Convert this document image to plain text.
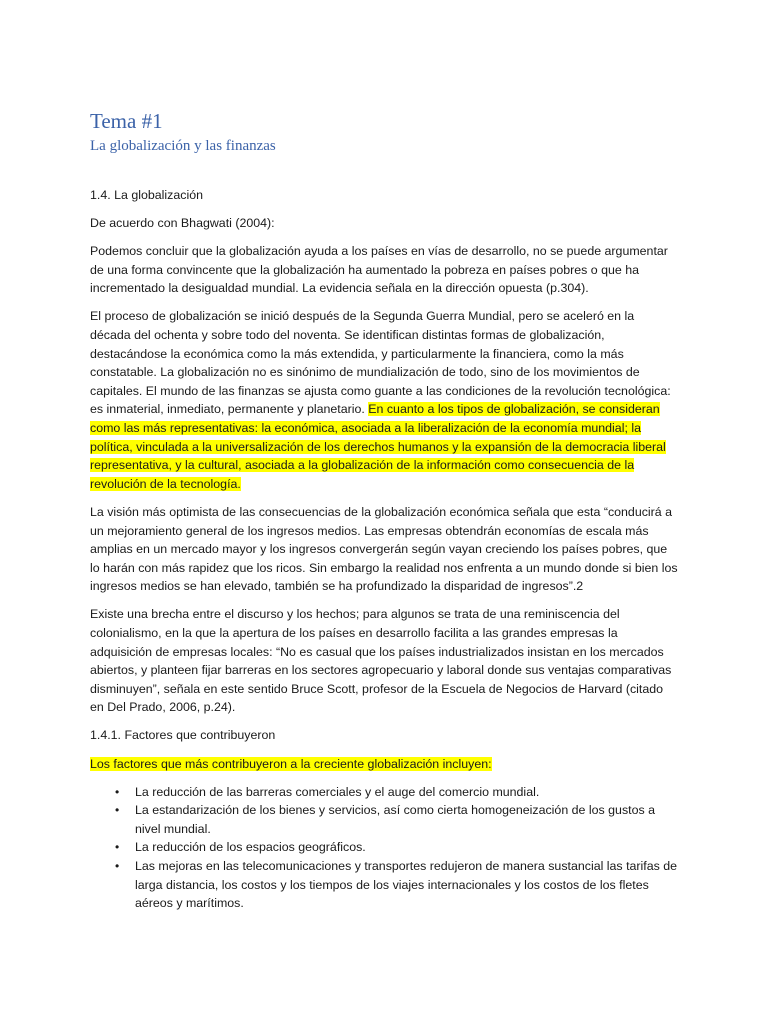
Tema #1
La globalización y las finanzas

1.4. La globalización

De acuerdo con Bhagwati (2004):

Podemos concluir que la globalización ayuda a los países en vías de desarrollo, no se puede argumentar de una forma convincente que la globalización ha aumentado la pobreza en países pobres o que ha incrementado la desigualdad mundial. La evidencia señala en la dirección opuesta (p.304).

El proceso de globalización se inició después de la Segunda Guerra Mundial, pero se aceleró en la década del ochenta y sobre todo del noventa. Se identifican distintas formas de globalización, destacándose la económica como la más extendida, y particularmente la financiera, como la más constatable. La globalización no es sinónimo de mundialización de todo, sino de los movimientos de capitales. El mundo de las finanzas se ajusta como guante a las condiciones de la revolución tecnológica: es inmaterial, inmediato, permanente y planetario. En cuanto a los tipos de globalización, se consideran como las más representativas: la económica, asociada a la liberalización de la economía mundial; la política, vinculada a la universalización de los derechos humanos y la expansión de la democracia liberal representativa, y la cultural, asociada a la globalización de la información como consecuencia de la revolución de la tecnología.

La visión más optimista de las consecuencias de la globalización económica señala que esta “conducirá a un mejoramiento general de los ingresos medios. Las empresas obtendrán economías de escala más amplias en un mercado mayor y los ingresos convergerán según vayan creciendo los países pobres, que lo harán con más rapidez que los ricos. Sin embargo la realidad nos enfrenta a un mundo donde si bien los ingresos medios se han elevado, también se ha profundizado la disparidad de ingresos”.2

Existe una brecha entre el discurso y los hechos; para algunos se trata de una reminiscencia del colonialismo, en la que la apertura de los países en desarrollo facilita a las grandes empresas la adquisición de empresas locales: “No es casual que los países industrializados insistan en los mercados abiertos, y planteen fijar barreras en los sectores agropecuario y laboral donde sus ventajas comparativas disminuyen”, señala en este sentido Bruce Scott, profesor de la Escuela de Negocios de Harvard (citado en Del Prado, 2006, p.24).

1.4.1. Factores que contribuyeron

Los factores que más contribuyeron a la creciente globalización incluyen:

• La reducción de las barreras comerciales y el auge del comercio mundial.
• La estandarización de los bienes y servicios, así como cierta homogeneización de los gustos a nivel mundial.
• La reducción de los espacios geográficos.
• Las mejoras en las telecomunicaciones y transportes redujeron de manera sustancial las tarifas de larga distancia, los costos y los tiempos de los viajes internacionales y los costos de los fletes aéreos y marítimos.
